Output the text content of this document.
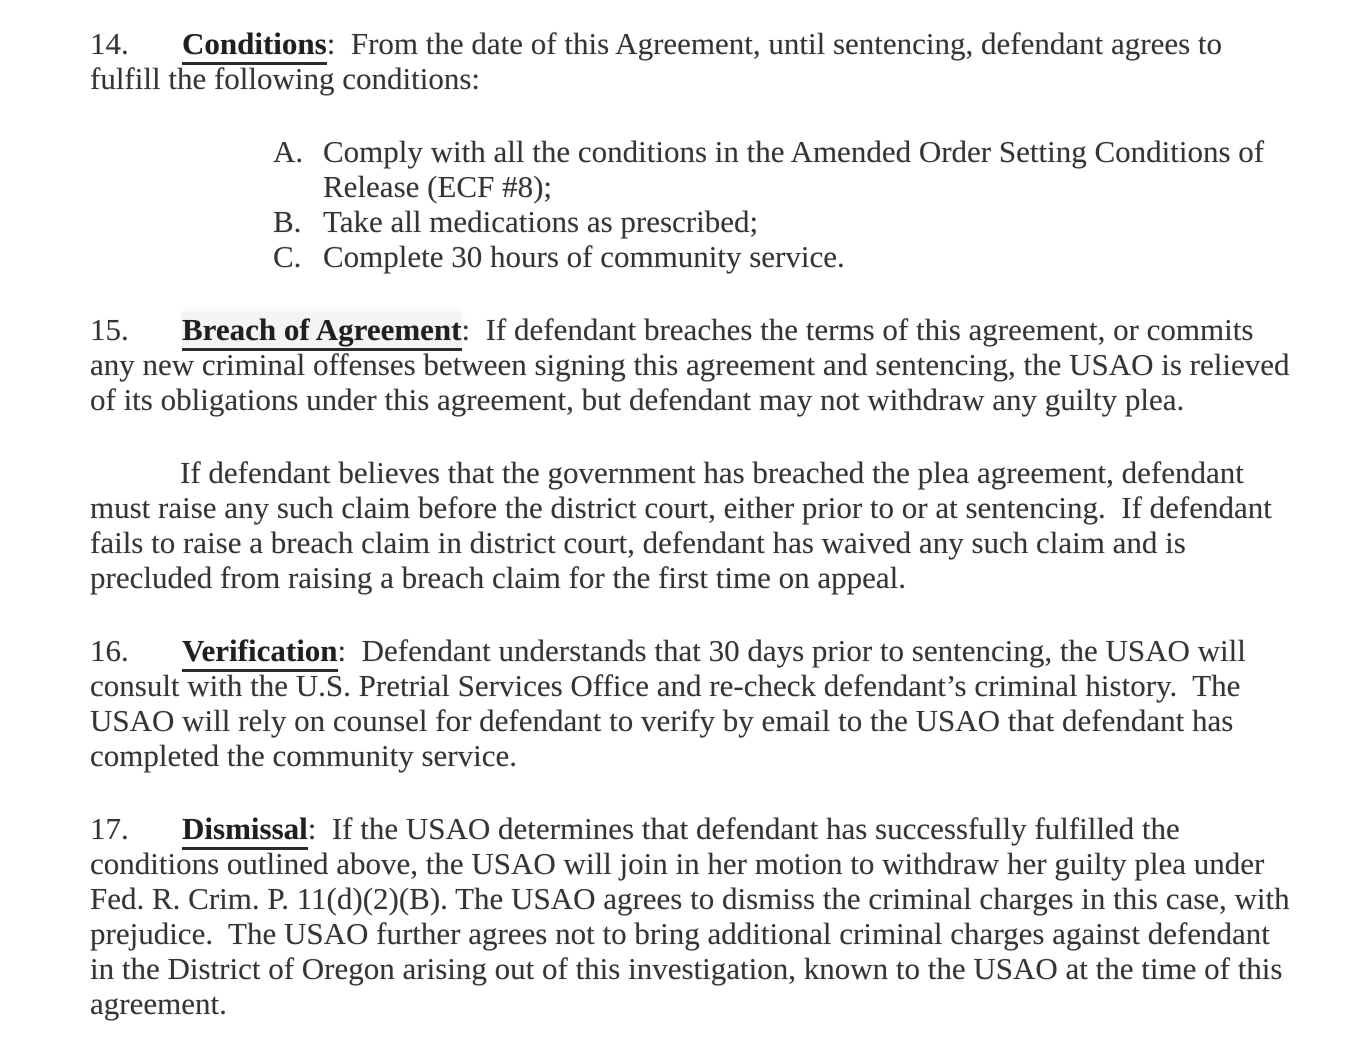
14. Conditions:  From the date of this Agreement, until sentencing, defendant agrees to
fulfill the following conditions:
A. Comply with all the conditions in the Amended Order Setting Conditions of
Release (ECF #8);
B. Take all medications as prescribed;
C. Complete 30 hours of community service.
15. Breach of Agreement:  If defendant breaches the terms of this agreement, or commits
any new criminal offenses between signing this agreement and sentencing, the USAO is relieved
of its obligations under this agreement, but defendant may not withdraw any guilty plea.
If defendant believes that the government has breached the plea agreement, defendant
must raise any such claim before the district court, either prior to or at sentencing.  If defendant
fails to raise a breach claim in district court, defendant has waived any such claim and is
precluded from raising a breach claim for the first time on appeal.
16. Verification:  Defendant understands that 30 days prior to sentencing, the USAO will
consult with the U.S. Pretrial Services Office and re-check defendant’s criminal history.  The
USAO will rely on counsel for defendant to verify by email to the USAO that defendant has
completed the community service.
17. Dismissal:  If the USAO determines that defendant has successfully fulfilled the
conditions outlined above, the USAO will join in her motion to withdraw her guilty plea under
Fed. R. Crim. P. 11(d)(2)(B). The USAO agrees to dismiss the criminal charges in this case, with
prejudice.  The USAO further agrees not to bring additional criminal charges against defendant
in the District of Oregon arising out of this investigation, known to the USAO at the time of this
agreement.
